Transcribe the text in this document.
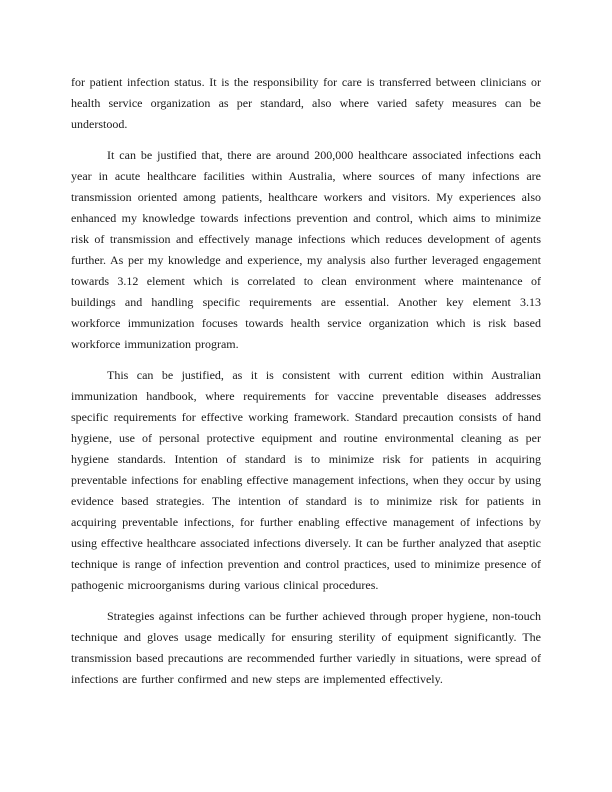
for patient infection status. It is the responsibility for care is transferred between clinicians or health service organization as per standard, also where varied safety measures can be understood.

It can be justified that, there are around 200,000 healthcare associated infections each year in acute healthcare facilities within Australia, where sources of many infections are transmission oriented among patients, healthcare workers and visitors. My experiences also enhanced my knowledge towards infections prevention and control, which aims to minimize risk of transmission and effectively manage infections which reduces development of agents further. As per my knowledge and experience, my analysis also further leveraged engagement towards 3.12 element which is correlated to clean environment where maintenance of buildings and handling specific requirements are essential. Another key element 3.13 workforce immunization focuses towards health service organization which is risk based workforce immunization program.

This can be justified, as it is consistent with current edition within Australian immunization handbook, where requirements for vaccine preventable diseases addresses specific requirements for effective working framework. Standard precaution consists of hand hygiene, use of personal protective equipment and routine environmental cleaning as per hygiene standards. Intention of standard is to minimize risk for patients in acquiring preventable infections for enabling effective management infections, when they occur by using evidence based strategies. The intention of standard is to minimize risk for patients in acquiring preventable infections, for further enabling effective management of infections by using effective healthcare associated infections diversely. It can be further analyzed that aseptic technique is range of infection prevention and control practices, used to minimize presence of pathogenic microorganisms during various clinical procedures.

Strategies against infections can be further achieved through proper hygiene, non-touch technique and gloves usage medically for ensuring sterility of equipment significantly. The transmission based precautions are recommended further variedly in situations, were spread of infections are further confirmed and new steps are implemented effectively.
